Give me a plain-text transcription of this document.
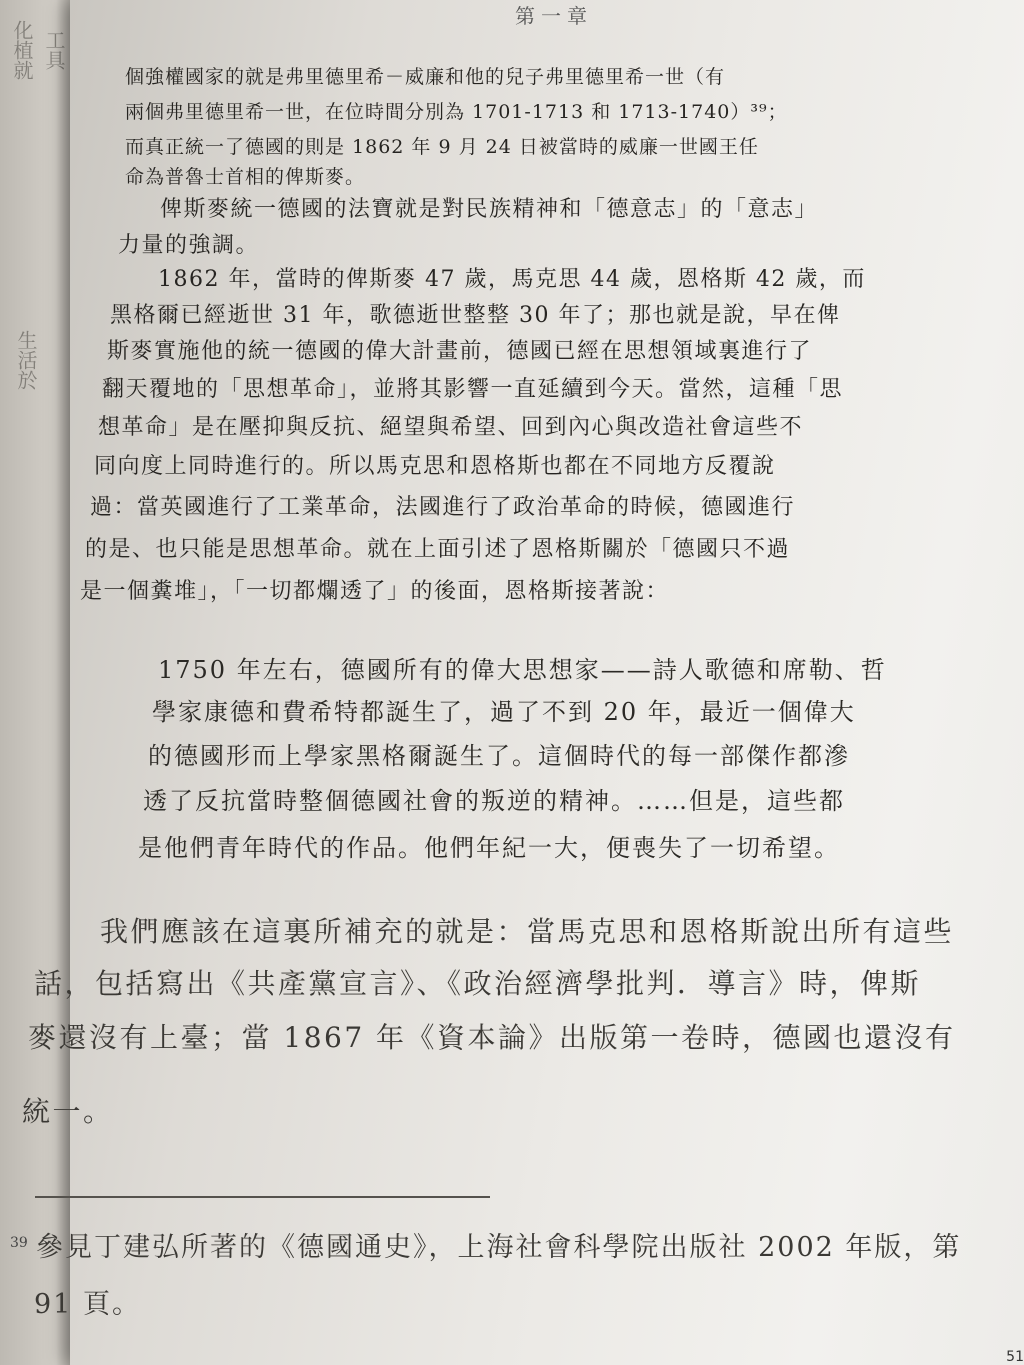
化植就 工具
生活於
第一章
個強權國家的就是弗里德里希－威廉和他的兒子弗里德里希一世（有
兩個弗里德里希一世，在位時間分別為 1701-1713 和 1713-1740）³⁹；
而真正統一了德國的則是 1862 年 9 月 24 日被當時的威廉一世國王任
命為普魯士首相的俾斯麥。
俾斯麥統一德國的法寶就是對民族精神和「德意志」的「意志」
力量的強調。
1862 年，當時的俾斯麥 47 歲，馬克思 44 歲，恩格斯 42 歲，而
黑格爾已經逝世 31 年，歌德逝世整整 30 年了；那也就是說，早在俾
斯麥實施他的統一德國的偉大計畫前，德國已經在思想領域裏進行了
翻天覆地的「思想革命」，並將其影響一直延續到今天。當然，這種「思
想革命」是在壓抑與反抗、絕望與希望、回到內心與改造社會這些不
同向度上同時進行的。所以馬克思和恩格斯也都在不同地方反覆說
過：當英國進行了工業革命，法國進行了政治革命的時候，德國進行
的是、也只能是思想革命。就在上面引述了恩格斯關於「德國只不過
是一個糞堆」，「一切都爛透了」的後面，恩格斯接著說：
1750 年左右，德國所有的偉大思想家——詩人歌德和席勒、哲
學家康德和費希特都誕生了，過了不到 20 年，最近一個偉大
的德國形而上學家黑格爾誕生了。這個時代的每一部傑作都滲
透了反抗當時整個德國社會的叛逆的精神。……但是，這些都
是他們青年時代的作品。他們年紀一大，便喪失了一切希望。
我們應該在這裏所補充的就是：當馬克思和恩格斯說出所有這些
話，包括寫出《共產黨宣言》、《政治經濟學批判．導言》時，俾斯
麥還沒有上臺；當 1867 年《資本論》出版第一卷時，德國也還沒有
統一。
39 參見丁建弘所著的《德國通史》，上海社會科學院出版社 2002 年版，第
91 頁。
51
